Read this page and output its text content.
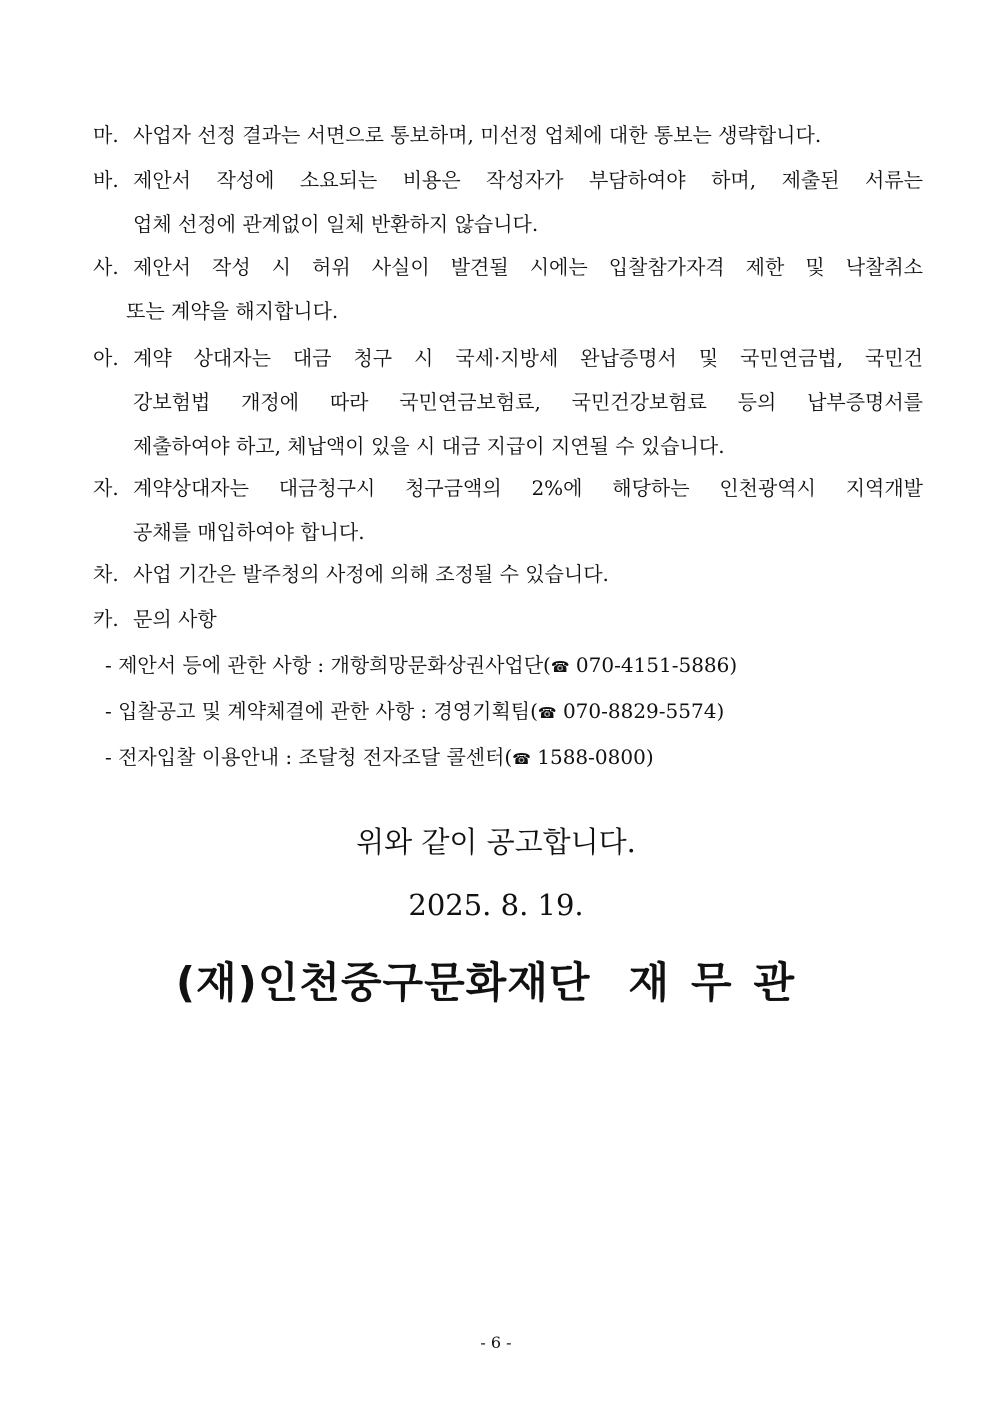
마. 사업자 선정 결과는 서면으로 통보하며, 미선정 업체에 대한 통보는 생략합니다.
바. 제안서 작성에 소요되는 비용은 작성자가 부담하여야 하며, 제출된 서류는
업체 선정에 관계없이 일체 반환하지 않습니다.
사. 제안서 작성 시 허위 사실이 발견될 시에는 입찰참가자격 제한 및 낙찰취소
또는 계약을 해지합니다.
아. 계약 상대자는 대금 청구 시 국세·지방세 완납증명서 및 국민연금법, 국민건
강보험법 개정에 따라 국민연금보험료, 국민건강보험료 등의 납부증명서를
제출하여야 하고, 체납액이 있을 시 대금 지급이 지연될 수 있습니다.
자. 계약상대자는 대금청구시 청구금액의 2%에 해당하는 인천광역시 지역개발
공채를 매입하여야 합니다.
차. 사업 기간은 발주청의 사정에 의해 조정될 수 있습니다.
카. 문의 사항
- 제안서 등에 관한 사항 : 개항희망문화상권사업단(☎ 070-4151-5886)
- 입찰공고 및 계약체결에 관한 사항 : 경영기획팀(☎ 070-8829-5574)
- 전자입찰 이용안내 : 조달청 전자조달 콜센터(☎ 1588-0800)
위와 같이 공고합니다.
2025. 8. 19.
(재)인천중구문화재단 재무관
- 6 -
